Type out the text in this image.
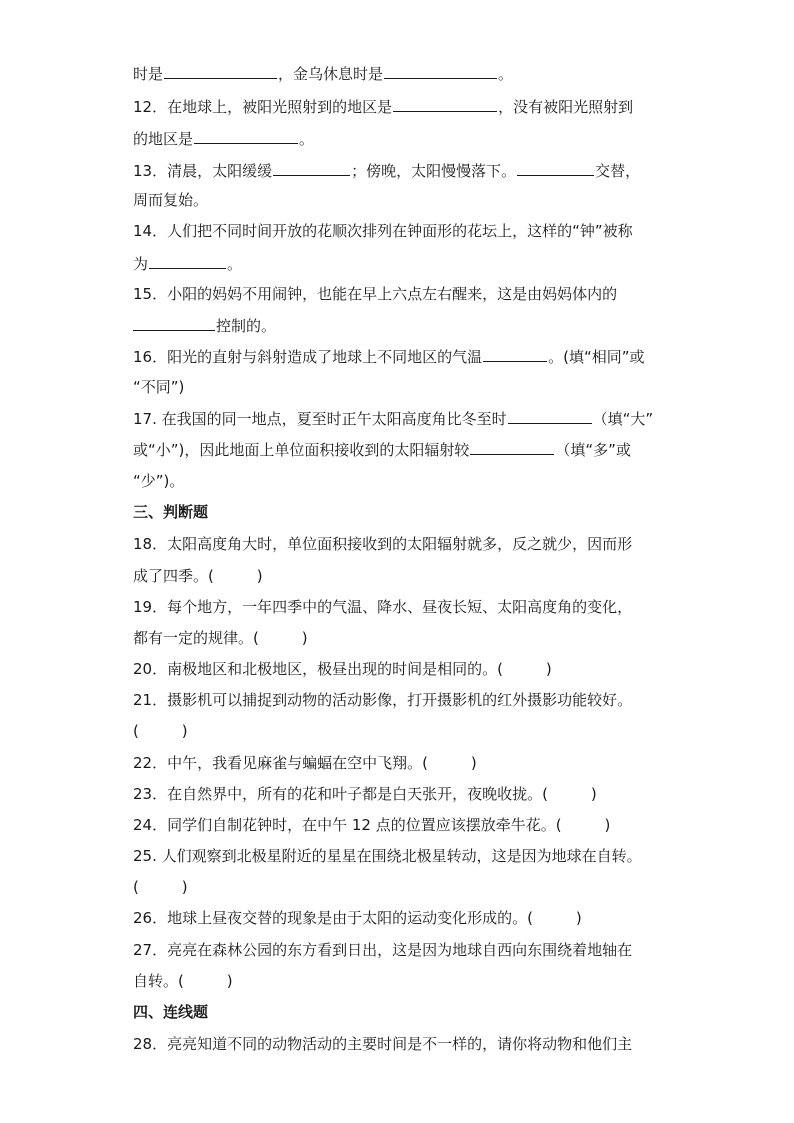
时是	，金乌休息时是	。
12．在地球上，被阳光照射到的地区是	，没有被阳光照射到
的地区是	。
13．清晨，太阳缓缓	；傍晚，太阳慢慢落下。	交替，
周而复始。
14．人们把不同时间开放的花顺次排列在钟面形的花坛上，这样的“钟”被称
为	。
15．小阳的妈妈不用闹钟，也能在早上六点左右醒来，这是由妈妈体内的
控制的。
16．阳光的直射与斜射造成了地球上不同地区的气温	。(填“相同”或
“不同”)
17. 在我国的同一地点，夏至时正午太阳高度角比冬至时	（填“大”
或“小”)，因此地面上单位面积接收到的太阳辐射较	（填“多”或
“少”)。
三、判断题
18．太阳高度角大时，单位面积接收到的太阳辐射就多，反之就少，因而形
成了四季。(	)
19．每个地方，一年四季中的气温、降水、昼夜长短、太阳高度角的变化，
都有一定的规律。(	)
20．南极地区和北极地区，极昼出现的时间是相同的。(	)
21．摄影机可以捕捉到动物的活动影像，打开摄影机的红外摄影功能较好。
(	)
22．中午，我看见麻雀与蝙蝠在空中飞翔。(	)
23．在自然界中，所有的花和叶子都是白天张开，夜晚收拢。(	)
24．同学们自制花钟时，在中午 12 点的位置应该摆放牵牛花。(	)
25. 人们观察到北极星附近的星星在围绕北极星转动，这是因为地球在自转。
(	)
26．地球上昼夜交替的现象是由于太阳的运动变化形成的。(	)
27．亮亮在森林公园的东方看到日出，这是因为地球自西向东围绕着地轴在
自转。(	)
四、连线题
28．亮亮知道不同的动物活动的主要时间是不一样的，请你将动物和他们主
